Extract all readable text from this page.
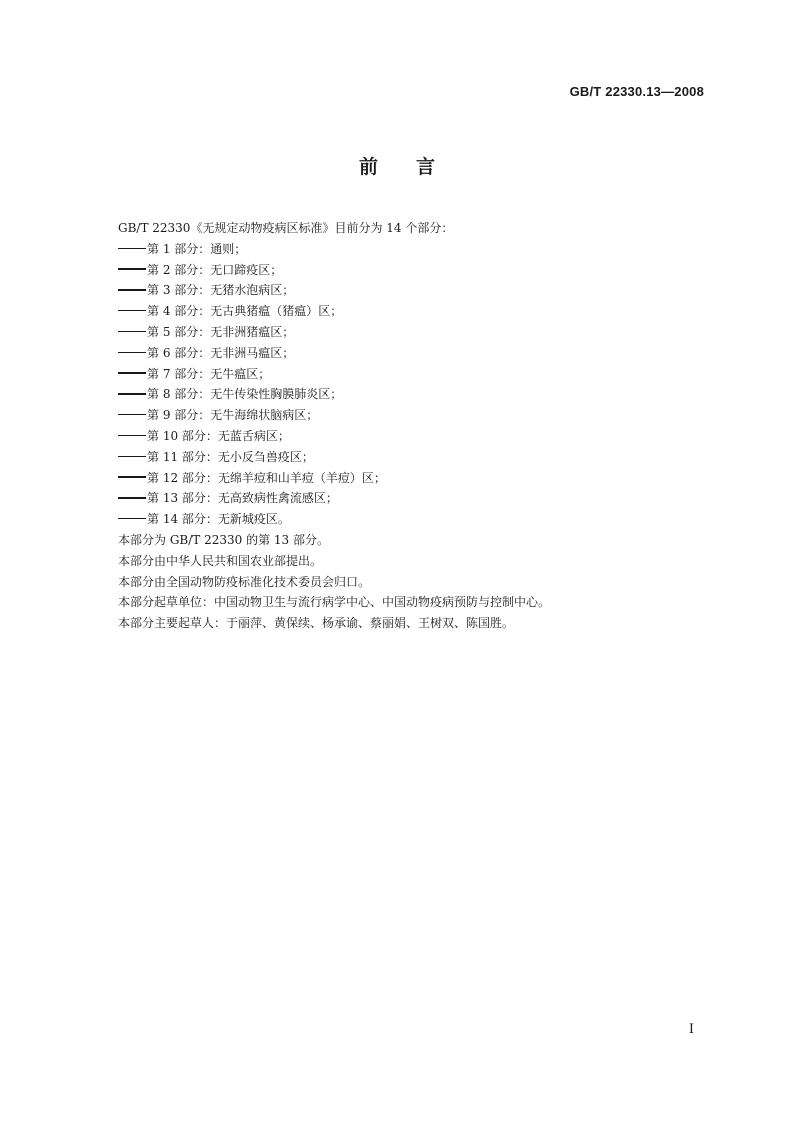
GB/T 22330.13—2008
前 言
GB/T 22330《无规定动物疫病区标准》目前分为 14 个部分：
第 1 部分：通则；
第 2 部分：无口蹄疫区；
第 3 部分：无猪水泡病区；
第 4 部分：无古典猪瘟（猪瘟）区；
第 5 部分：无非洲猪瘟区；
第 6 部分：无非洲马瘟区；
第 7 部分：无牛瘟区；
第 8 部分：无牛传染性胸膜肺炎区；
第 9 部分：无牛海绵状脑病区；
第 10 部分：无蓝舌病区；
第 11 部分：无小反刍兽疫区；
第 12 部分：无绵羊痘和山羊痘（羊痘）区；
第 13 部分：无高致病性禽流感区；
第 14 部分：无新城疫区。
本部分为 GB/T 22330 的第 13 部分。
本部分由中华人民共和国农业部提出。
本部分由全国动物防疫标准化技术委员会归口。
本部分起草单位：中国动物卫生与流行病学中心、中国动物疫病预防与控制中心。
本部分主要起草人：于丽萍、黄保续、杨承谕、蔡丽娟、王树双、陈国胜。
I
